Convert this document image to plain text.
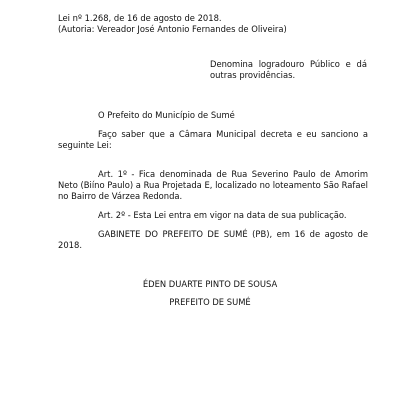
Lei nº 1.268, de 16 de agosto de 2018.
(Autoria: Vereador José Antonio Fernandes de Oliveira)
Denomina logradouro Público e dá outras providências.
O Prefeito do Município de Sumé
Faço saber que a Câmara Municipal decreta e eu sanciono a seguinte Lei:
Art. 1º - Fica denominada de Rua Severino Paulo de Amorim Neto (Biíno Paulo) a Rua Projetada E, localizado no loteamento São Rafael no Bairro de Várzea Redonda.
Art. 2º - Esta Lei entra em vigor na data de sua publicação.
GABINETE DO PREFEITO DE SUMÉ (PB), em 16 de agosto de 2018.
ÉDEN DUARTE PINTO DE SOUSA
PREFEITO DE SUMÉ
